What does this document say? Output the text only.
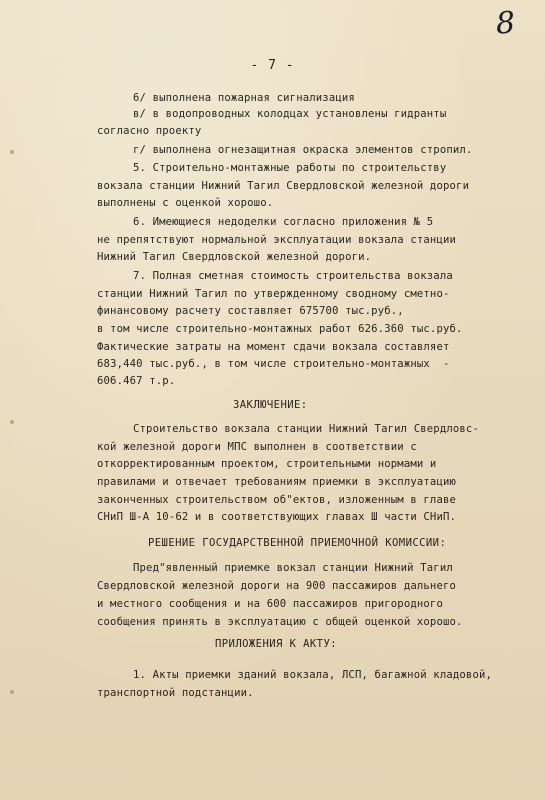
8
- 7 -
6/ выполнена пожарная сигнализация
в/ в водопроводных колодцах установлены гидранты
согласно проекту
г/ выполнена огнезащитная окраска элементов стропил.
5. Строительно-монтажные работы по строительству
вокзала станции Нижний Тагил Свердловской железной дороги
выполнены с оценкой хорошо.
6. Имеющиеся недоделки согласно приложения № 5
не препятствуют нормальной эксплуатации вокзала станции
Нижний Тагил Свердловской железной дороги.
7. Полная сметная стоимость строительства вокзала
станции Нижний Тагил по утвержденному сводному сметно-
финансовому расчету составляет 675700 тыс.руб.,
в том числе строительно-монтажных работ 626.360 тыс.руб.
Фактические затраты на момент сдачи вокзала составляет
683,440 тыс.руб., в том числе строительно-монтажных  -
606.467 т.р.
ЗАКЛЮЧЕНИЕ:
Строительство вокзала станции Нижний Тагил Свердловс-
кой железной дороги МПС выполнен в соответствии с
откорректированным проектом, строительными нормами и
правилами и отвечает требованиям приемки в эксплуатацию
законченных строительством об"ектов, изложенным в главе
СНиП Ш-А 10-62 и в соответствующих главах Ш части СНиП.
РЕШЕНИЕ ГОСУДАРСТВЕННОЙ ПРИЕМОЧНОЙ КОМИССИИ:
Пред"явленный приемке вокзал станции Нижний Тагил
Свердловской железной дороги на 900 пассажиров дальнего
и местного сообщения и на 600 пассажиров пригородного
сообщения принять в эксплуатацию с общей оценкой хорошо.
ПРИЛОЖЕНИЯ К АКТУ:
1. Акты приемки зданий вокзала, ЛСП, багажной кладовой,
транспортной подстанции.
